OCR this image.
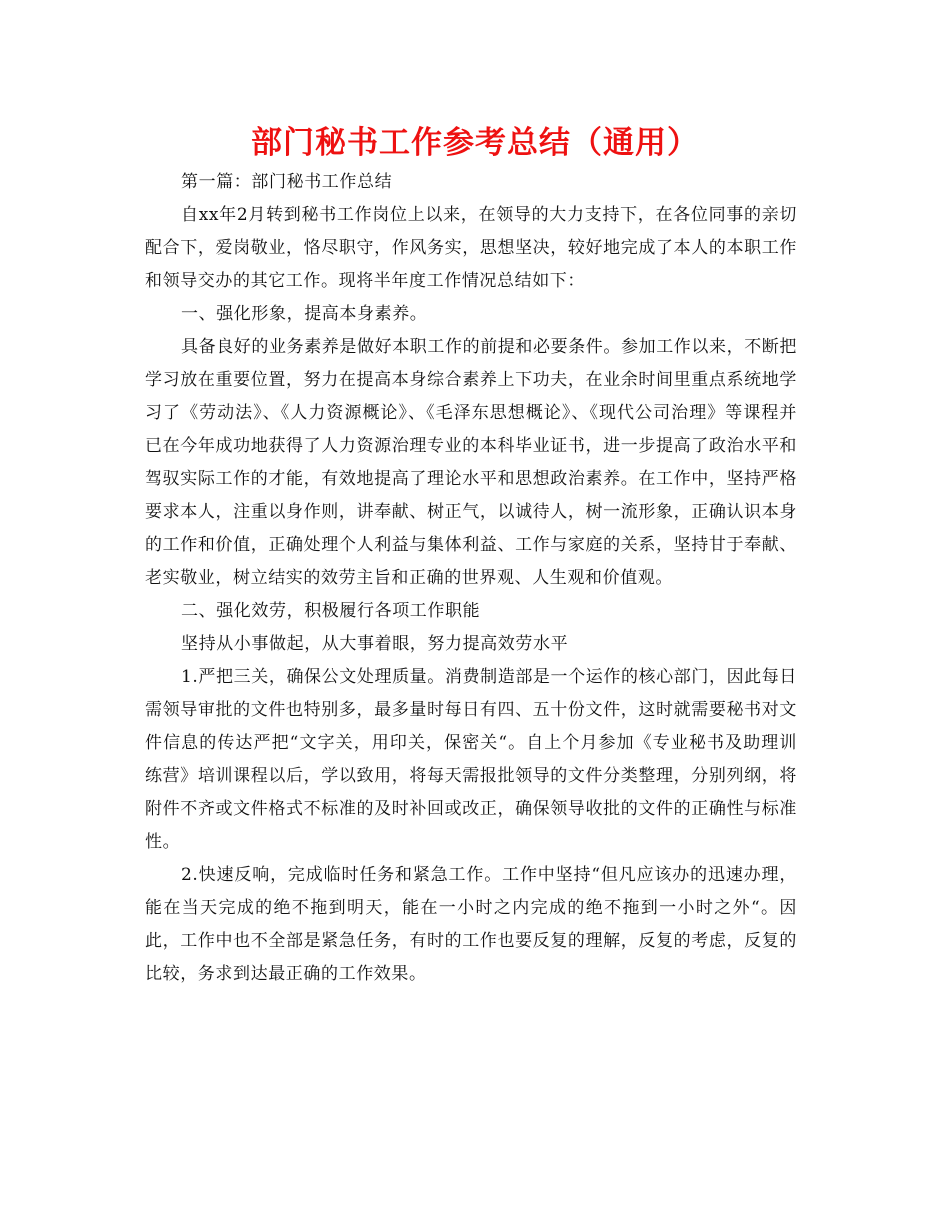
部门秘书工作参考总结（通用）

第一篇：部门秘书工作总结

自xx年2月转到秘书工作岗位上以来，在领导的大力支持下，在各位同事的亲切配合下，爱岗敬业，恪尽职守，作风务实，思想坚决，较好地完成了本人的本职工作和领导交办的其它工作。现将半年度工作情况总结如下：

一、强化形象，提高本身素养。

具备良好的业务素养是做好本职工作的前提和必要条件。参加工作以来，不断把学习放在重要位置，努力在提高本身综合素养上下功夫，在业余时间里重点系统地学习了《劳动法》、《人力资源概论》、《毛泽东思想概论》、《现代公司治理》等课程并已在今年成功地获得了人力资源治理专业的本科毕业证书，进一步提高了政治水平和驾驭实际工作的才能，有效地提高了理论水平和思想政治素养。在工作中，坚持严格要求本人，注重以身作则，讲奉献、树正气，以诚待人，树一流形象，正确认识本身的工作和价值，正确处理个人利益与集体利益、工作与家庭的关系，坚持甘于奉献、老实敬业，树立结实的效劳主旨和正确的世界观、人生观和价值观。

二、强化效劳，积极履行各项工作职能

坚持从小事做起，从大事着眼，努力提高效劳水平

1.严把三关，确保公文处理质量。消费制造部是一个运作的核心部门，因此每日需领导审批的文件也特别多，最多量时每日有四、五十份文件，这时就需要秘书对文件信息的传达严把“文字关，用印关，保密关“。自上个月参加《专业秘书及助理训练营》培训课程以后，学以致用，将每天需报批领导的文件分类整理，分别列纲，将附件不齐或文件格式不标准的及时补回或改正，确保领导收批的文件的正确性与标准性。

2.快速反响，完成临时任务和紧急工作。工作中坚持“但凡应该办的迅速办理，能在当天完成的绝不拖到明天，能在一小时之内完成的绝不拖到一小时之外“。因此，工作中也不全部是紧急任务，有时的工作也要反复的理解，反复的考虑，反复的比较，务求到达最正确的工作效果。
